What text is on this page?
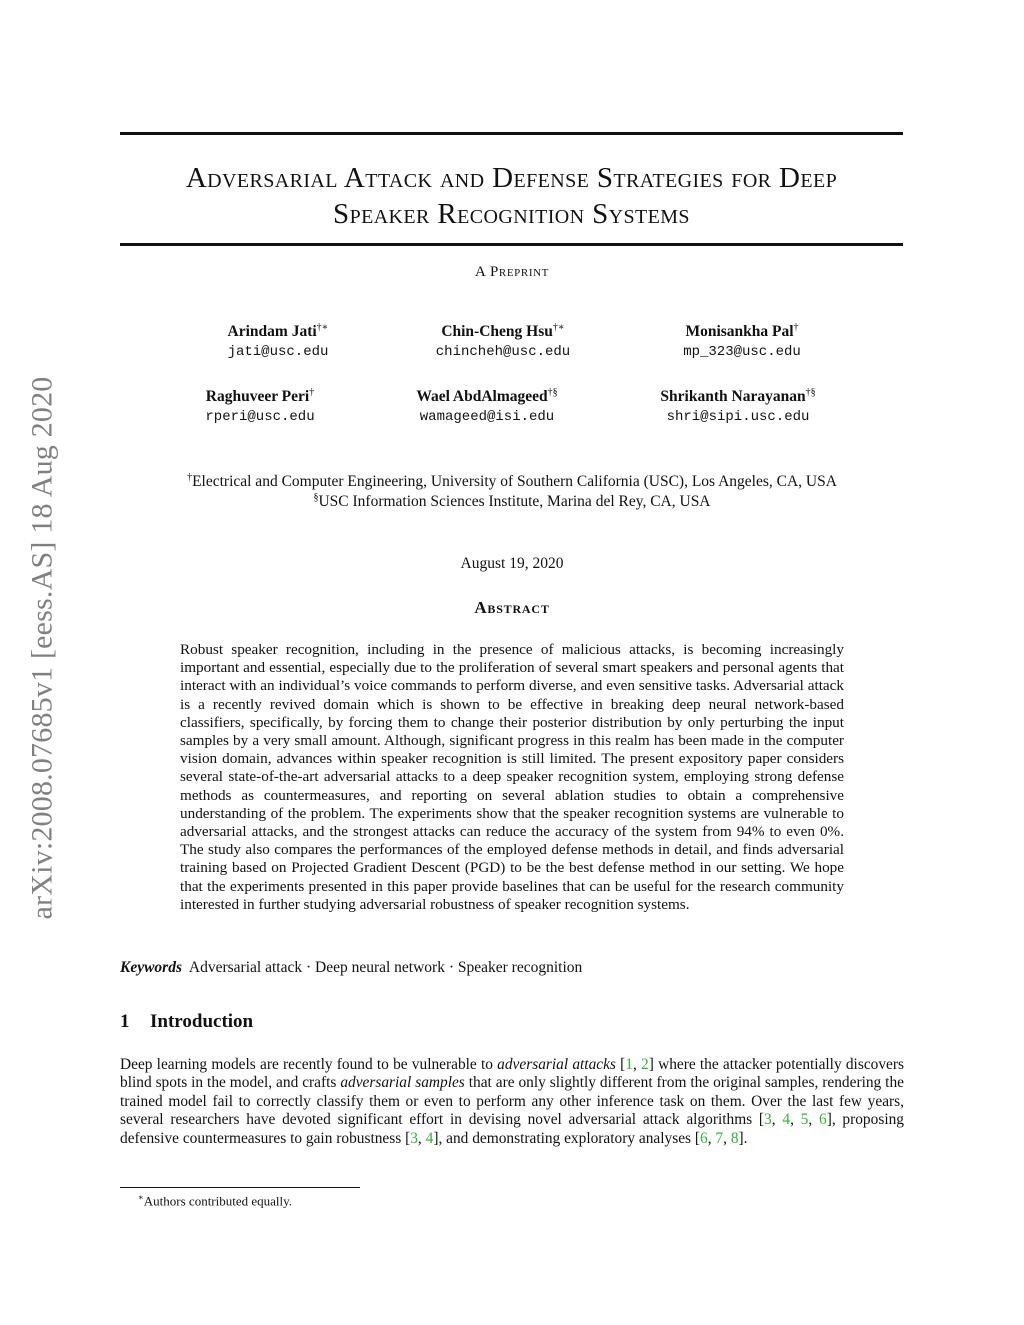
arXiv:2008.07685v1 [eess.AS] 18 Aug 2020
Adversarial Attack and Defense Strategies for Deep
Speaker Recognition Systems
A Preprint
Arindam Jati†∗
jati@usc.edu
Chin-Cheng Hsu†∗
chincheh@usc.edu
Monisankha Pal†
mp_323@usc.edu
Raghuveer Peri†
rperi@usc.edu
Wael AbdAlmageed†§
wamageed@isi.edu
Shrikanth Narayanan†§
shri@sipi.usc.edu
†Electrical and Computer Engineering, University of Southern California (USC), Los Angeles, CA, USA
§USC Information Sciences Institute, Marina del Rey, CA, USA
August 19, 2020
Abstract
Robust speaker recognition, including in the presence of malicious attacks, is becoming increasingly important and essential, especially due to the proliferation of several smart speakers and personal agents that interact with an individual’s voice commands to perform diverse, and even sensitive tasks. Adversarial attack is a recently revived domain which is shown to be effective in breaking deep neural network-based classifiers, specifically, by forcing them to change their posterior distribution by only perturbing the input samples by a very small amount. Although, significant progress in this realm has been made in the computer vision domain, advances within speaker recognition is still limited. The present expository paper considers several state-of-the-art adversarial attacks to a deep speaker recognition system, employing strong defense methods as countermeasures, and reporting on several ablation studies to obtain a comprehensive understanding of the problem. The experiments show that the speaker recognition systems are vulnerable to adversarial attacks, and the strongest attacks can reduce the accuracy of the system from 94% to even 0%. The study also compares the performances of the employed defense methods in detail, and finds adversarial training based on Projected Gradient Descent (PGD) to be the best defense method in our setting. We hope that the experiments presented in this paper provide baselines that can be useful for the research community interested in further studying adversarial robustness of speaker recognition systems.
Keywords Adversarial attack · Deep neural network · Speaker recognition
1 Introduction
Deep learning models are recently found to be vulnerable to adversarial attacks [1, 2] where the attacker potentially discovers blind spots in the model, and crafts adversarial samples that are only slightly different from the original samples, rendering the trained model fail to correctly classify them or even to perform any other inference task on them. Over the last few years, several researchers have devoted significant effort in devising novel adversarial attack algorithms [3, 4, 5, 6], proposing defensive countermeasures to gain robustness [3, 4], and demonstrating exploratory analyses [6, 7, 8].
∗Authors contributed equally.
